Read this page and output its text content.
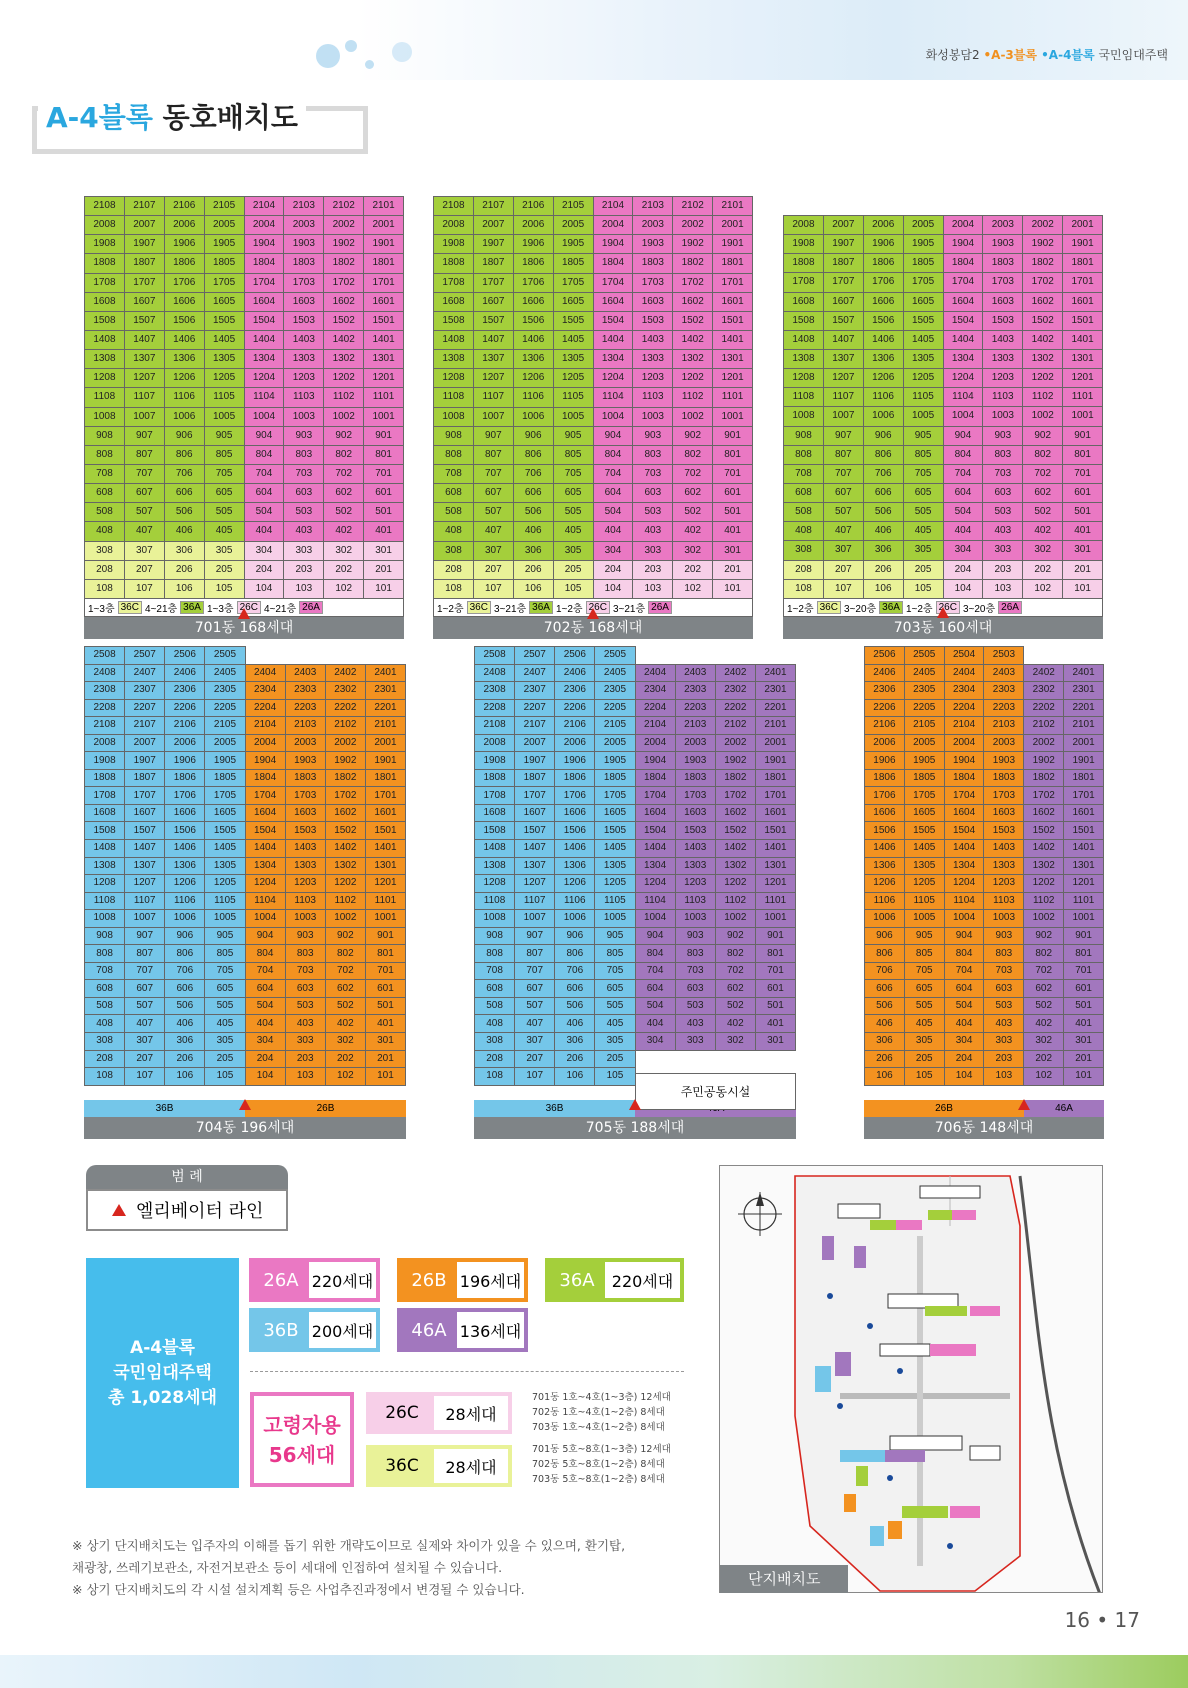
화성봉담2 •A-3블록 •A-4블록 국민임대주택
A-4블록 동호배치도
2108	2107	2106	2105	2104	2103	2102	2101
2008	2007	2006	2005	2004	2003	2002	2001
1908	1907	1906	1905	1904	1903	1902	1901
1808	1807	1806	1805	1804	1803	1802	1801
1708	1707	1706	1705	1704	1703	1702	1701
1608	1607	1606	1605	1604	1603	1602	1601
1508	1507	1506	1505	1504	1503	1502	1501
1408	1407	1406	1405	1404	1403	1402	1401
1308	1307	1306	1305	1304	1303	1302	1301
1208	1207	1206	1205	1204	1203	1202	1201
1108	1107	1106	1105	1104	1103	1102	1101
1008	1007	1006	1005	1004	1003	1002	1001
908	907	906	905	904	903	902	901
808	807	806	805	804	803	802	801
708	707	706	705	704	703	702	701
608	607	606	605	604	603	602	601
508	507	506	505	504	503	502	501
408	407	406	405	404	403	402	401
308	307	306	305	304	303	302	301
208	207	206	205	204	203	202	201
108	107	106	105	104	103	102	101
1~3층 36C 4~21층 36A 1~3층 26C 4~21층 26A
701동 168세대
2108	2107	2106	2105	2104	2103	2102	2101
2008	2007	2006	2005	2004	2003	2002	2001
1908	1907	1906	1905	1904	1903	1902	1901
1808	1807	1806	1805	1804	1803	1802	1801
1708	1707	1706	1705	1704	1703	1702	1701
1608	1607	1606	1605	1604	1603	1602	1601
1508	1507	1506	1505	1504	1503	1502	1501
1408	1407	1406	1405	1404	1403	1402	1401
1308	1307	1306	1305	1304	1303	1302	1301
1208	1207	1206	1205	1204	1203	1202	1201
1108	1107	1106	1105	1104	1103	1102	1101
1008	1007	1006	1005	1004	1003	1002	1001
908	907	906	905	904	903	902	901
808	807	806	805	804	803	802	801
708	707	706	705	704	703	702	701
608	607	606	605	604	603	602	601
508	507	506	505	504	503	502	501
408	407	406	405	404	403	402	401
308	307	306	305	304	303	302	301
208	207	206	205	204	203	202	201
108	107	106	105	104	103	102	101
1~2층 36C 3~21층 36A 1~2층 26C 3~21층 26A
702동 168세대
2008	2007	2006	2005	2004	2003	2002	2001
1908	1907	1906	1905	1904	1903	1902	1901
1808	1807	1806	1805	1804	1803	1802	1801
1708	1707	1706	1705	1704	1703	1702	1701
1608	1607	1606	1605	1604	1603	1602	1601
1508	1507	1506	1505	1504	1503	1502	1501
1408	1407	1406	1405	1404	1403	1402	1401
1308	1307	1306	1305	1304	1303	1302	1301
1208	1207	1206	1205	1204	1203	1202	1201
1108	1107	1106	1105	1104	1103	1102	1101
1008	1007	1006	1005	1004	1003	1002	1001
908	907	906	905	904	903	902	901
808	807	806	805	804	803	802	801
708	707	706	705	704	703	702	701
608	607	606	605	604	603	602	601
508	507	506	505	504	503	502	501
408	407	406	405	404	403	402	401
308	307	306	305	304	303	302	301
208	207	206	205	204	203	202	201
108	107	106	105	104	103	102	101
1~2층 36C 3~20층 36A 1~2층 26C 3~20층 26A
703동 160세대
2508	2507	2506	2505				
2408	2407	2406	2405	2404	2403	2402	2401
2308	2307	2306	2305	2304	2303	2302	2301
2208	2207	2206	2205	2204	2203	2202	2201
2108	2107	2106	2105	2104	2103	2102	2101
2008	2007	2006	2005	2004	2003	2002	2001
1908	1907	1906	1905	1904	1903	1902	1901
1808	1807	1806	1805	1804	1803	1802	1801
1708	1707	1706	1705	1704	1703	1702	1701
1608	1607	1606	1605	1604	1603	1602	1601
1508	1507	1506	1505	1504	1503	1502	1501
1408	1407	1406	1405	1404	1403	1402	1401
1308	1307	1306	1305	1304	1303	1302	1301
1208	1207	1206	1205	1204	1203	1202	1201
1108	1107	1106	1105	1104	1103	1102	1101
1008	1007	1006	1005	1004	1003	1002	1001
908	907	906	905	904	903	902	901
808	807	806	805	804	803	802	801
708	707	706	705	704	703	702	701
608	607	606	605	604	603	602	601
508	507	506	505	504	503	502	501
408	407	406	405	404	403	402	401
308	307	306	305	304	303	302	301
208	207	206	205	204	203	202	201
108	107	106	105	104	103	102	101
36B	26B
704동 196세대
2508	2507	2506	2505				
2408	2407	2406	2405	2404	2403	2402	2401
2308	2307	2306	2305	2304	2303	2302	2301
2208	2207	2206	2205	2204	2203	2202	2201
2108	2107	2106	2105	2104	2103	2102	2101
2008	2007	2006	2005	2004	2003	2002	2001
1908	1907	1906	1905	1904	1903	1902	1901
1808	1807	1806	1805	1804	1803	1802	1801
1708	1707	1706	1705	1704	1703	1702	1701
1608	1607	1606	1605	1604	1603	1602	1601
1508	1507	1506	1505	1504	1503	1502	1501
1408	1407	1406	1405	1404	1403	1402	1401
1308	1307	1306	1305	1304	1303	1302	1301
1208	1207	1206	1205	1204	1203	1202	1201
1108	1107	1106	1105	1104	1103	1102	1101
1008	1007	1006	1005	1004	1003	1002	1001
908	907	906	905	904	903	902	901
808	807	806	805	804	803	802	801
708	707	706	705	704	703	702	701
608	607	606	605	604	603	602	601
508	507	506	505	504	503	502	501
408	407	406	405	404	403	402	401
308	307	306	305	304	303	302	301
208	207	206	205				
108	107	106	105				
주민공동시설
36B
705동 188세대
2506	2505	2504	2503		
2406	2405	2404	2403	2402	2401
2306	2305	2304	2303	2302	2301
2206	2205	2204	2203	2202	2201
2106	2105	2104	2103	2102	2101
2006	2005	2004	2003	2002	2001
1906	1905	1904	1903	1902	1901
1806	1805	1804	1803	1802	1801
1706	1705	1704	1703	1702	1701
1606	1605	1604	1603	1602	1601
1506	1505	1504	1503	1502	1501
1406	1405	1404	1403	1402	1401
1306	1305	1304	1303	1302	1301
1206	1205	1204	1203	1202	1201
1106	1105	1104	1103	1102	1101
1006	1005	1004	1003	1002	1001
906	905	904	903	902	901
806	805	804	803	802	801
706	705	704	703	702	701
606	605	604	603	602	601
506	505	504	503	502	501
406	405	404	403	402	401
306	305	304	303	302	301
206	205	204	203	202	201
106	105	104	103	102	101
26B	46A
706동 148세대
범 례
엘리베이터 라인
A-4블록
국민임대주택
총 1,028세대
26A 220세대	26B 196세대	36A	220세대
36B 200세대	46A 136세대
고령자용
56세대
26C	28세대
36C	28세대
701동 1호~4호(1~3층) 12세대
702동 1호~4호(1~2층) 8세대
703동 1호~4호(1~2층) 8세대
701동 5호~8호(1~3층) 12세대
702동 5호~8호(1~2층) 8세대
703동 5호~8호(1~2층) 8세대
※ 상기 단지배치도는 입주자의 이해를 돕기 위한 개략도이므로 실제와 차이가 있을 수 있으며, 환기탑,
채광창, 쓰레기보관소, 자전거보관소 등이 세대에 인접하여 설치될 수 있습니다.
※ 상기 단지배치도의 각 시설 설치계획 등은 사업추진과정에서 변경될 수 있습니다.
단지배치도
16 • 17
